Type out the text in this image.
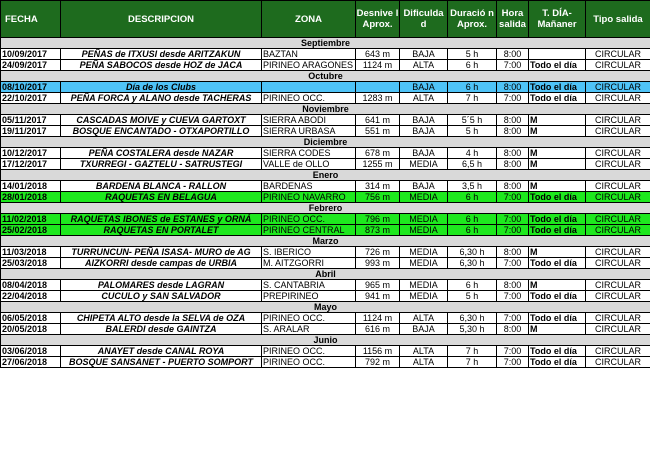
FECHA	DESCRIPCION	ZONA	Desnive l Aprox.	Dificulda d	Duració n Aprox.	Hora salida	T. DÍA-Mañaner	Tipo salida
Septiembre								
10/09/2017	PEÑAS de ITXUSI desde ARITZAKUN	BAZTAN	643 m	BAJA	5 h	8:00		CIRCULAR
24/09/2017	PEÑA SABOCOS desde HOZ de JACA	PIRINEO ARAGONES	1124 m	ALTA	6 h	7:00	Todo el día	CIRCULAR
Octubre								
08/10/2017	Día de los Clubs			BAJA	6 h	8:00	Todo el día	CIRCULAR
22/10/2017	PEÑA FORCA y ALANO desde TACHERAS	PIRINEO OCC.	1283 m	ALTA	7 h	7:00	Todo el día	CIRCULAR
Noviembre								
05/11/2017	CASCADAS MOIVE y CUEVA GARTOXT	SIERRA ABODI	641 m	BAJA	5´5 h	8:00	M	CIRCULAR
19/11/2017	BOSQUE ENCANTADO - OTXAPORTILLO	SIERRA URBASA	551 m	BAJA	5 h	8:00	M	CIRCULAR
Diciembre								
10/12/2017	PEÑA COSTALERA desde NAZAR	SIERRA CODES	678 m	BAJA	4 h	8:00	M	CIRCULAR
17/12/2017	TXURREGI - GAZTELU - SATRUSTEGI	VALLE de OLLO	1255 m	MEDIA	6,5 h	8:00	M	CIRCULAR
Enero								
14/01/2018	BARDENA BLANCA - RALLON	BARDENAS	314 m	BAJA	3,5 h	8:00	M	CIRCULAR
28/01/2018	RAQUETAS EN BELAGUA	PIRINEO NAVARRO	756 m	MEDIA	6 h	7:00	Todo el día	CIRCULAR
Febrero								
11/02/2018	RAQUETAS IBONES de ESTANES y ORNÁ	PIRINEO OCC.	796 m	MEDIA	6 h	7:00	Todo el día	CIRCULAR
25/02/2018	RAQUETAS EN PORTALET	PIRINEO CENTRAL	873 m	MEDIA	6 h	7:00	Todo el día	CIRCULAR
Marzo								
11/03/2018	TURRUNCUN- PEÑA ISASA- MURO de AG	S. IBERICO	726 m	MEDIA	6,30 h	8:00	M	CIRCULAR
25/03/2018	AIZKORRI desde campas de URBIA	M. AITZGORRI	993 m	MEDIA	6,30 h	7:00	Todo el día	CIRCULAR
Abril								
08/04/2018	PALOMARES desde LAGRAN	S. CANTABRIA	965 m	MEDIA	6 h	8:00	M	CIRCULAR
22/04/2018	CUCULO y SAN SALVADOR	PREPIRINEO	941 m	MEDIA	5 h	7:00	Todo el día	CIRCULAR
Mayo								
06/05/2018	CHIPETA ALTO desde la SELVA de OZA	PIRINEO OCC.	1124 m	ALTA	6,30 h	7:00	Todo el día	CIRCULAR
20/05/2018	BALERDI desde GAINTZA	S. ARALAR	616 m	BAJA	5,30 h	8:00	M	CIRCULAR
Junio								
03/06/2018	ANAYET desde CANAL ROYA	PIRINEO OCC.	1156 m	ALTA	7 h	7:00	Todo el día	CIRCULAR
27/06/2018	BOSQUE SANSANET - PUERTO SOMPORT	PIRINEO OCC.	792 m	ALTA	7 h	7:00	Todo el día	CIRCULAR
